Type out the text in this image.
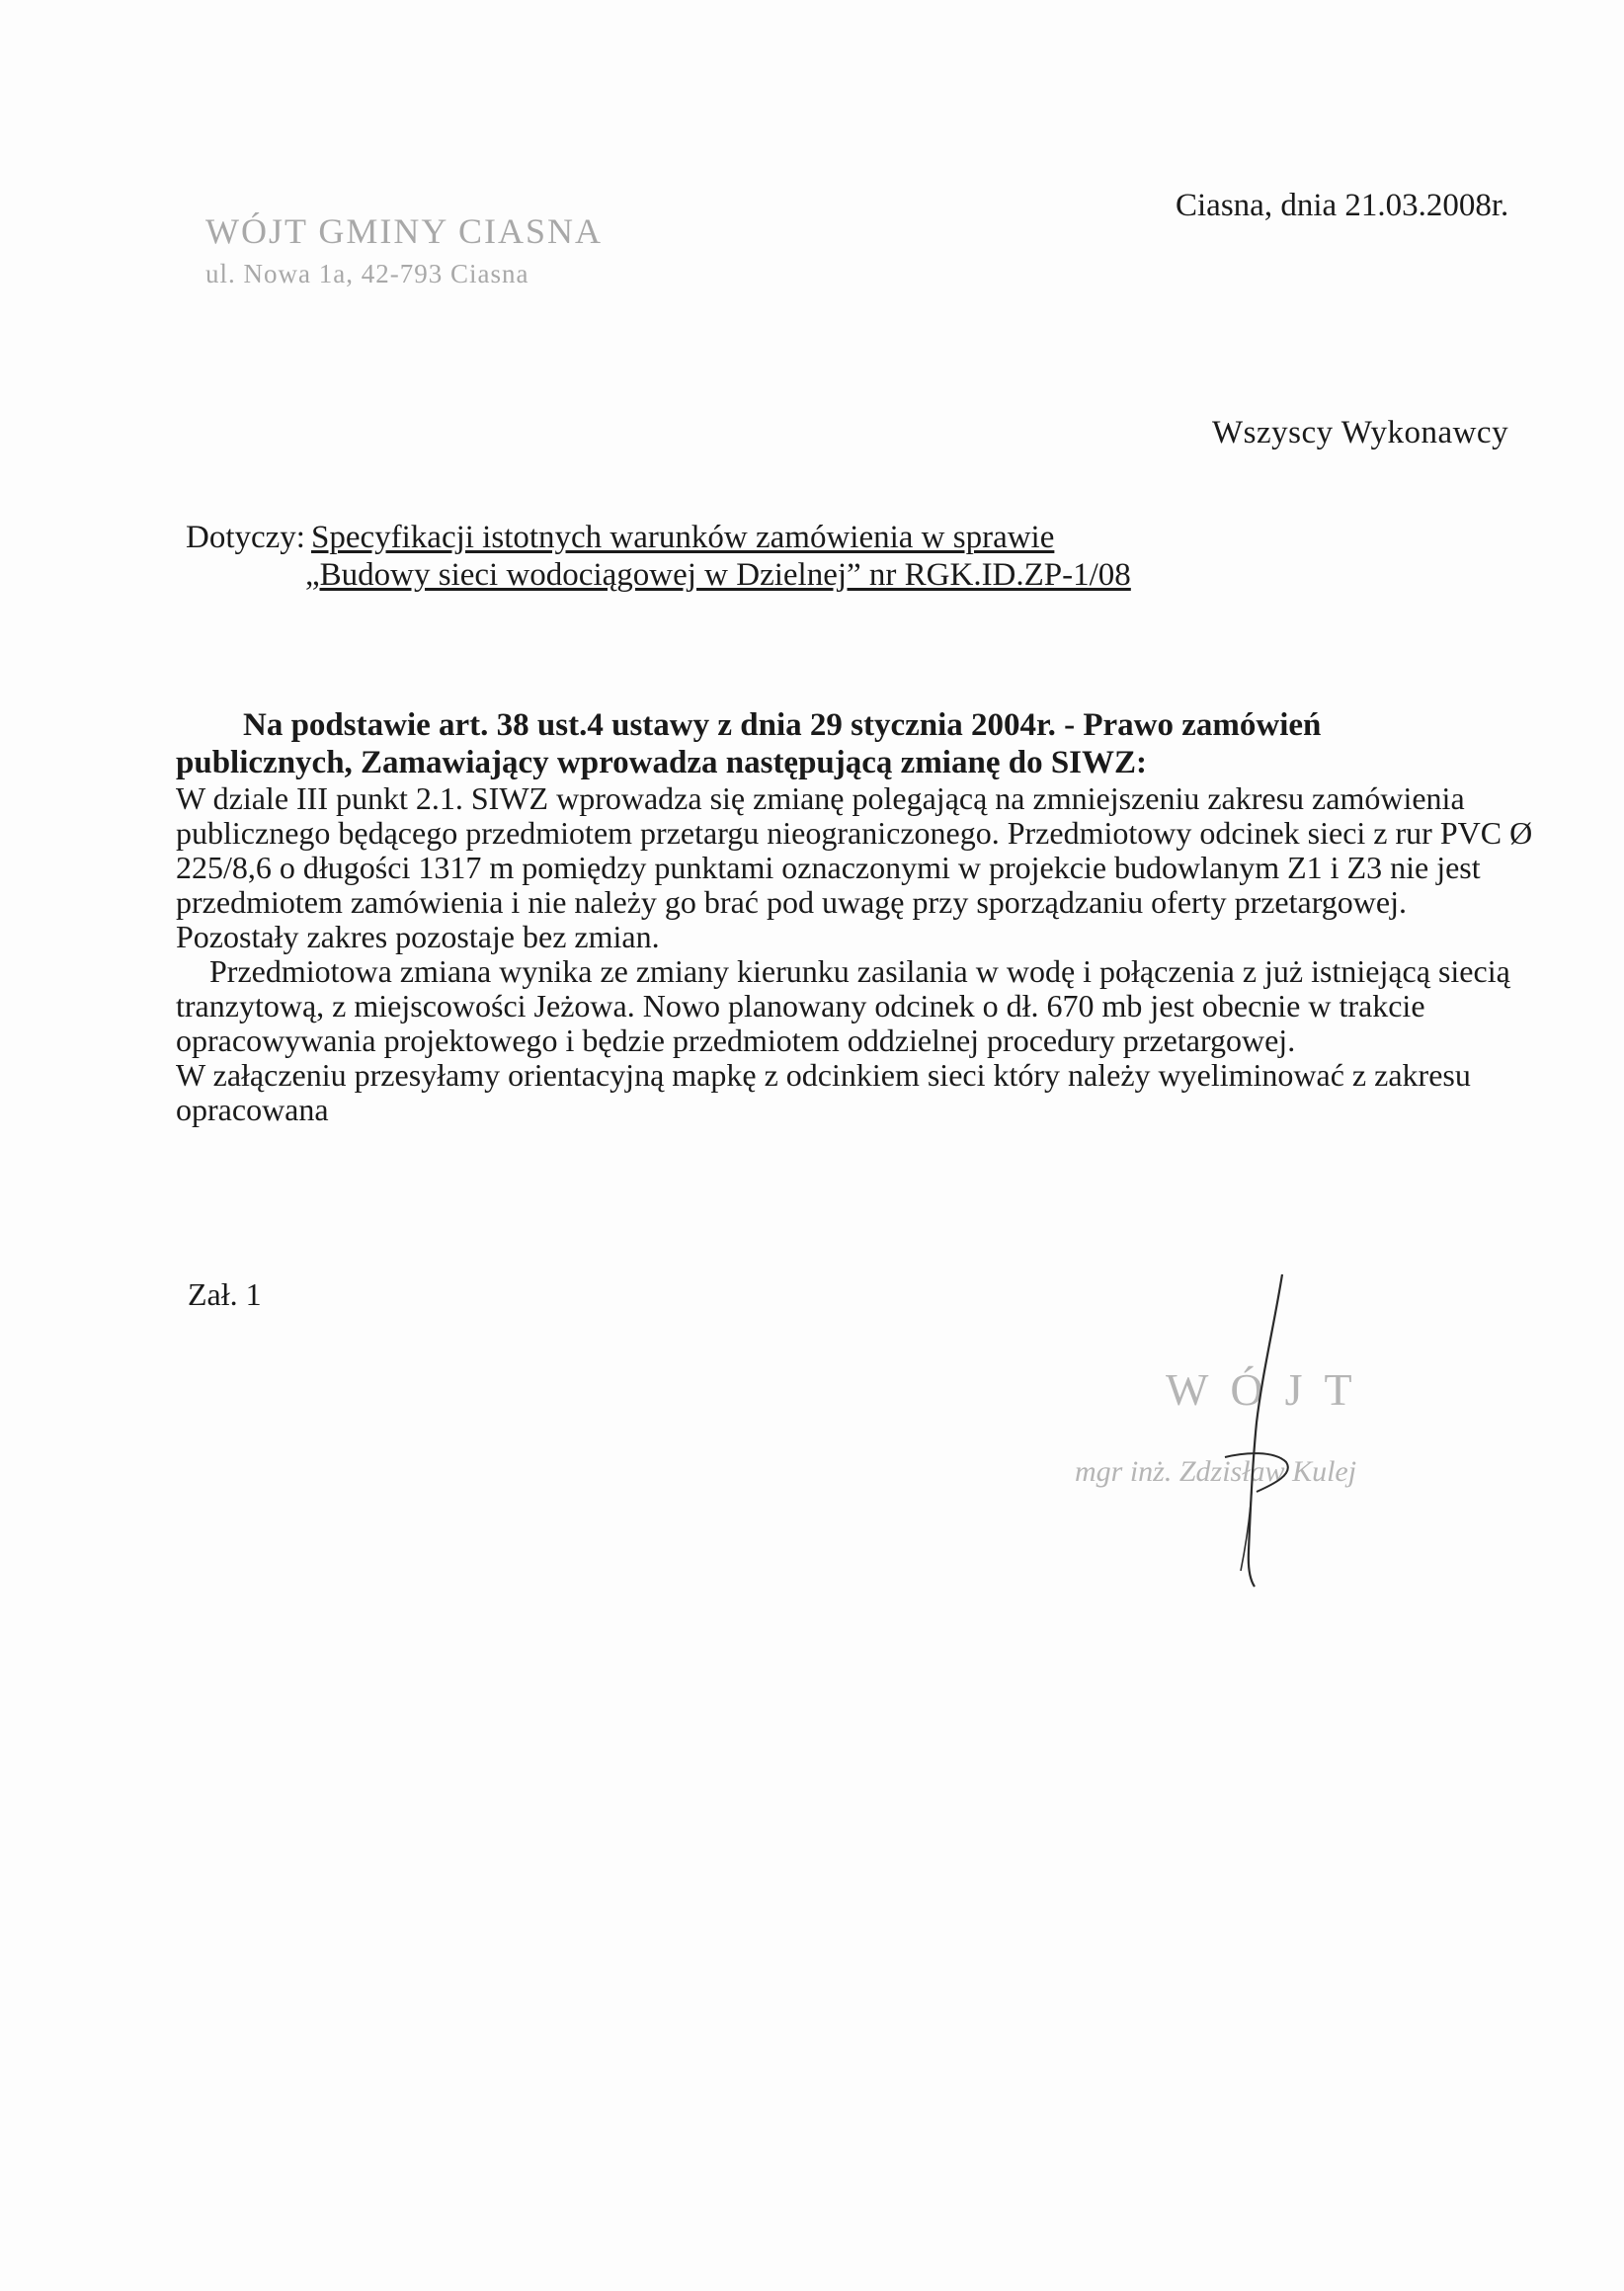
WÓJT GMINY CIASNA
ul. Nowa 1a, 42-793 Ciasna
Ciasna, dnia 21.03.2008r.
Wszyscy Wykonawcy
Dotyczy: Specyfikacji istotnych warunków zamówienia w sprawie
„Budowy sieci wodociągowej w Dzielnej” nr RGK.ID.ZP-1/08
Na podstawie art. 38 ust.4 ustawy z dnia 29 stycznia 2004r. - Prawo zamówień
publicznych, Zamawiający wprowadza następującą zmianę do SIWZ:

W dziale III punkt 2.1. SIWZ wprowadza się zmianę polegającą na zmniejszeniu zakresu zamówienia publicznego będącego przedmiotem przetargu nieograniczonego. Przedmiotowy odcinek sieci z rur PVC Ø 225/8,6 o długości 1317 m pomiędzy punktami oznaczonymi w projekcie budowlanym Z1 i Z3 nie jest przedmiotem zamówienia i nie należy go brać pod uwagę przy sporządzaniu oferty przetargowej.

Pozostały zakres pozostaje bez zmian.

Przedmiotowa zmiana wynika ze zmiany kierunku zasilania w wodę i połączenia z już istniejącą siecią tranzytową, z miejscowości Jeżowa. Nowo planowany odcinek o dł. 670 mb jest obecnie w trakcie opracowywania projektowego i będzie przedmiotem oddzielnej procedury przetargowej.

W załączeniu przesyłamy orientacyjną mapkę z odcinkiem sieci który należy wyeliminować z zakresu opracowana

Zał. 1
WÓJT
mgr inż. Zdzisław Kulej
